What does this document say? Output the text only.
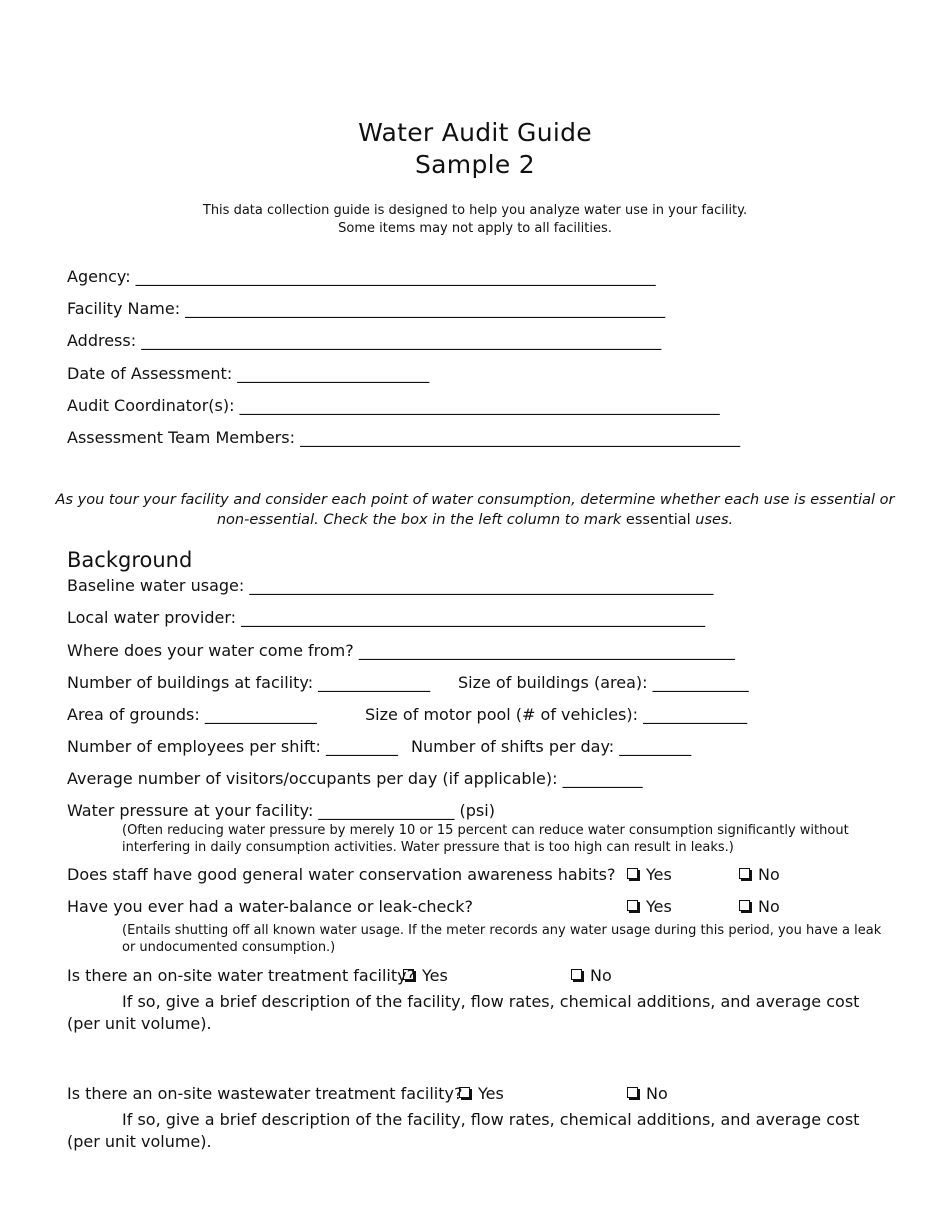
Water Audit Guide
Sample 2
This data collection guide is designed to help you analyze water use in your facility.
Some items may not apply to all facilities.
Agency: _________________________________________________________________
Facility Name: ____________________________________________________________
Address: _________________________________________________________________
Date of Assessment: ________________________
Audit Coordinator(s): ____________________________________________________________
Assessment Team Members: _______________________________________________________
As you tour your facility and consider each point of water consumption, determine whether each use is essential or
non-essential. Check the box in the left column to mark essential uses.
Background
Baseline water usage: __________________________________________________________
Local water provider: __________________________________________________________
Where does your water come from? _______________________________________________
Number of buildings at facility: ______________ Size of buildings (area): ____________
Area of grounds: ______________	Size of motor pool (# of vehicles): _____________
Number of employees per shift: _________ Number of shifts per day: _________
Average number of visitors/occupants per day (if applicable): __________
Water pressure at your facility: _________________ (psi)
(Often reducing water pressure by merely 10 or 15 percent can reduce water consumption significantly without interfering in daily consumption activities. Water pressure that is too high can result in leaks.)
Does staff have good general water conservation awareness habits?	Yes	No
Have you ever had a water-balance or leak-check?	Yes	No
(Entails shutting off all known water usage. If the meter records any water usage during this period, you have a leak or undocumented consumption.)
Is there an on-site water treatment facility? Yes	No
If so, give a brief description of the facility, flow rates, chemical additions, and average cost (per unit volume).
Is there an on-site wastewater treatment facility? Yes	No
If so, give a brief description of the facility, flow rates, chemical additions, and average cost (per unit volume).
